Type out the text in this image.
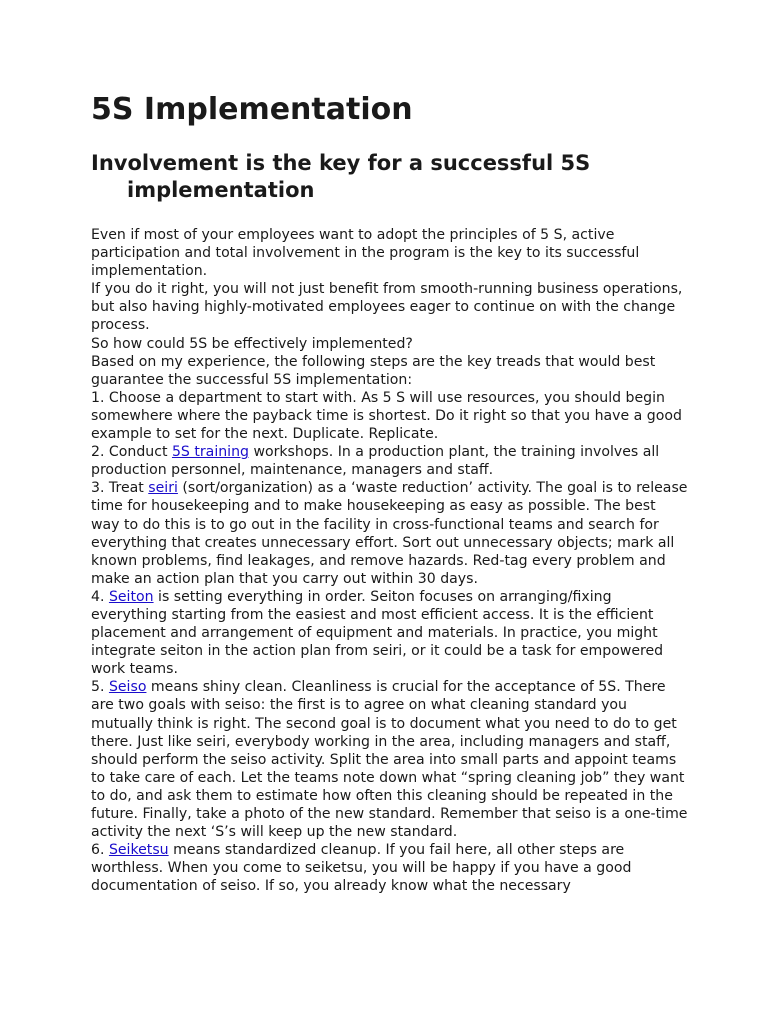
5S Implementation
Involvement is the key for a successful 5S implementation

Even if most of your employees want to adopt the principles of 5 S, active participation and total involvement in the program is the key to its successful implementation.

If you do it right, you will not just benefit from smooth-running business operations, but also having highly-motivated employees eager to continue on with the change process.

So how could 5S be effectively implemented?

Based on my experience, the following steps are the key treads that would best guarantee the successful 5S implementation:

1. Choose a department to start with. As 5 S will use resources, you should begin somewhere where the payback time is shortest. Do it right so that you have a good example to set for the next. Duplicate. Replicate.

2. Conduct 5S training workshops. In a production plant, the training involves all production personnel, maintenance, managers and staff.

3. Treat seiri (sort/organization) as a ‘waste reduction’ activity. The goal is to release time for housekeeping and to make housekeeping as easy as possible. The best way to do this is to go out in the facility in cross-functional teams and search for everything that creates unnecessary effort. Sort out unnecessary objects; mark all known problems, find leakages, and remove hazards. Red-tag every problem and make an action plan that you carry out within 30 days.

4. Seiton is setting everything in order. Seiton focuses on arranging/fixing everything starting from the easiest and most efficient access. It is the efficient placement and arrangement of equipment and materials. In practice, you might integrate seiton in the action plan from seiri, or it could be a task for empowered work teams.

5. Seiso means shiny clean. Cleanliness is crucial for the acceptance of 5S. There are two goals with seiso: the first is to agree on what cleaning standard you mutually think is right. The second goal is to document what you need to do to get there. Just like seiri, everybody working in the area, including managers and staff, should perform the seiso activity. Split the area into small parts and appoint teams to take care of each. Let the teams note down what “spring cleaning job” they want to do, and ask them to estimate how often this cleaning should be repeated in the future. Finally, take a photo of the new standard. Remember that seiso is a one-time activity the next ‘S’s will keep up the new standard.

6. Seiketsu means standardized cleanup. If you fail here, all other steps are worthless. When you come to seiketsu, you will be happy if you have a good documentation of seiso. If so, you already know what the necessary
